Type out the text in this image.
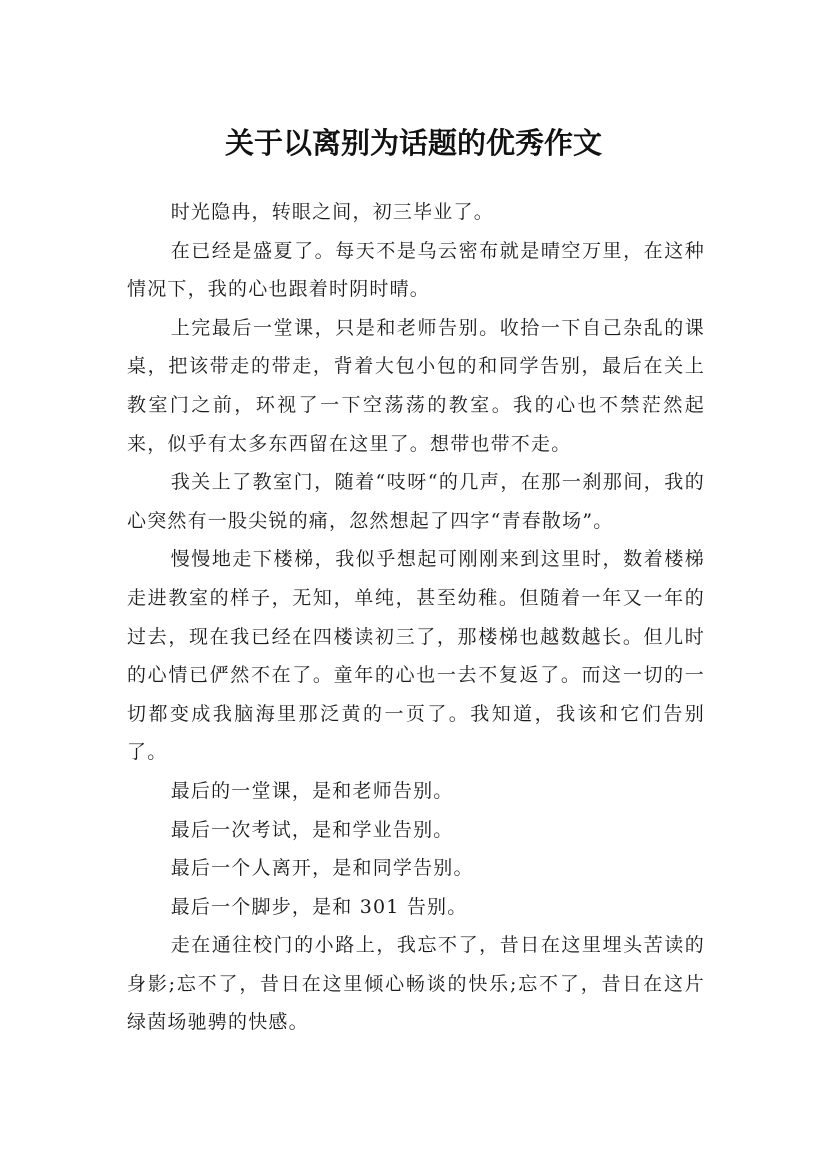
关于以离别为话题的优秀作文

时光隐冉，转眼之间，初三毕业了。

在已经是盛夏了。每天不是乌云密布就是晴空万里，在这种情况下，我的心也跟着时阴时晴。

上完最后一堂课，只是和老师告别。收拾一下自己杂乱的课桌，把该带走的带走，背着大包小包的和同学告别，最后在关上教室门之前，环视了一下空荡荡的教室。我的心也不禁茫然起来，似乎有太多东西留在这里了。想带也带不走。

我关上了教室门，随着“吱呀“的几声，在那一刹那间，我的心突然有一股尖锐的痛，忽然想起了四字“青春散场”。

慢慢地走下楼梯，我似乎想起可刚刚来到这里时，数着楼梯走进教室的样子，无知，单纯，甚至幼稚。但随着一年又一年的过去，现在我已经在四楼读初三了，那楼梯也越数越长。但儿时的心情已俨然不在了。童年的心也一去不复返了。而这一切的一切都变成我脑海里那泛黄的一页了。我知道，我该和它们告别了。

最后的一堂课，是和老师告别。

最后一次考试，是和学业告别。

最后一个人离开，是和同学告别。

最后一个脚步，是和 301 告别。

走在通往校门的小路上，我忘不了，昔日在这里埋头苦读的身影;忘不了，昔日在这里倾心畅谈的快乐;忘不了，昔日在这片绿茵场驰骋的快感。
